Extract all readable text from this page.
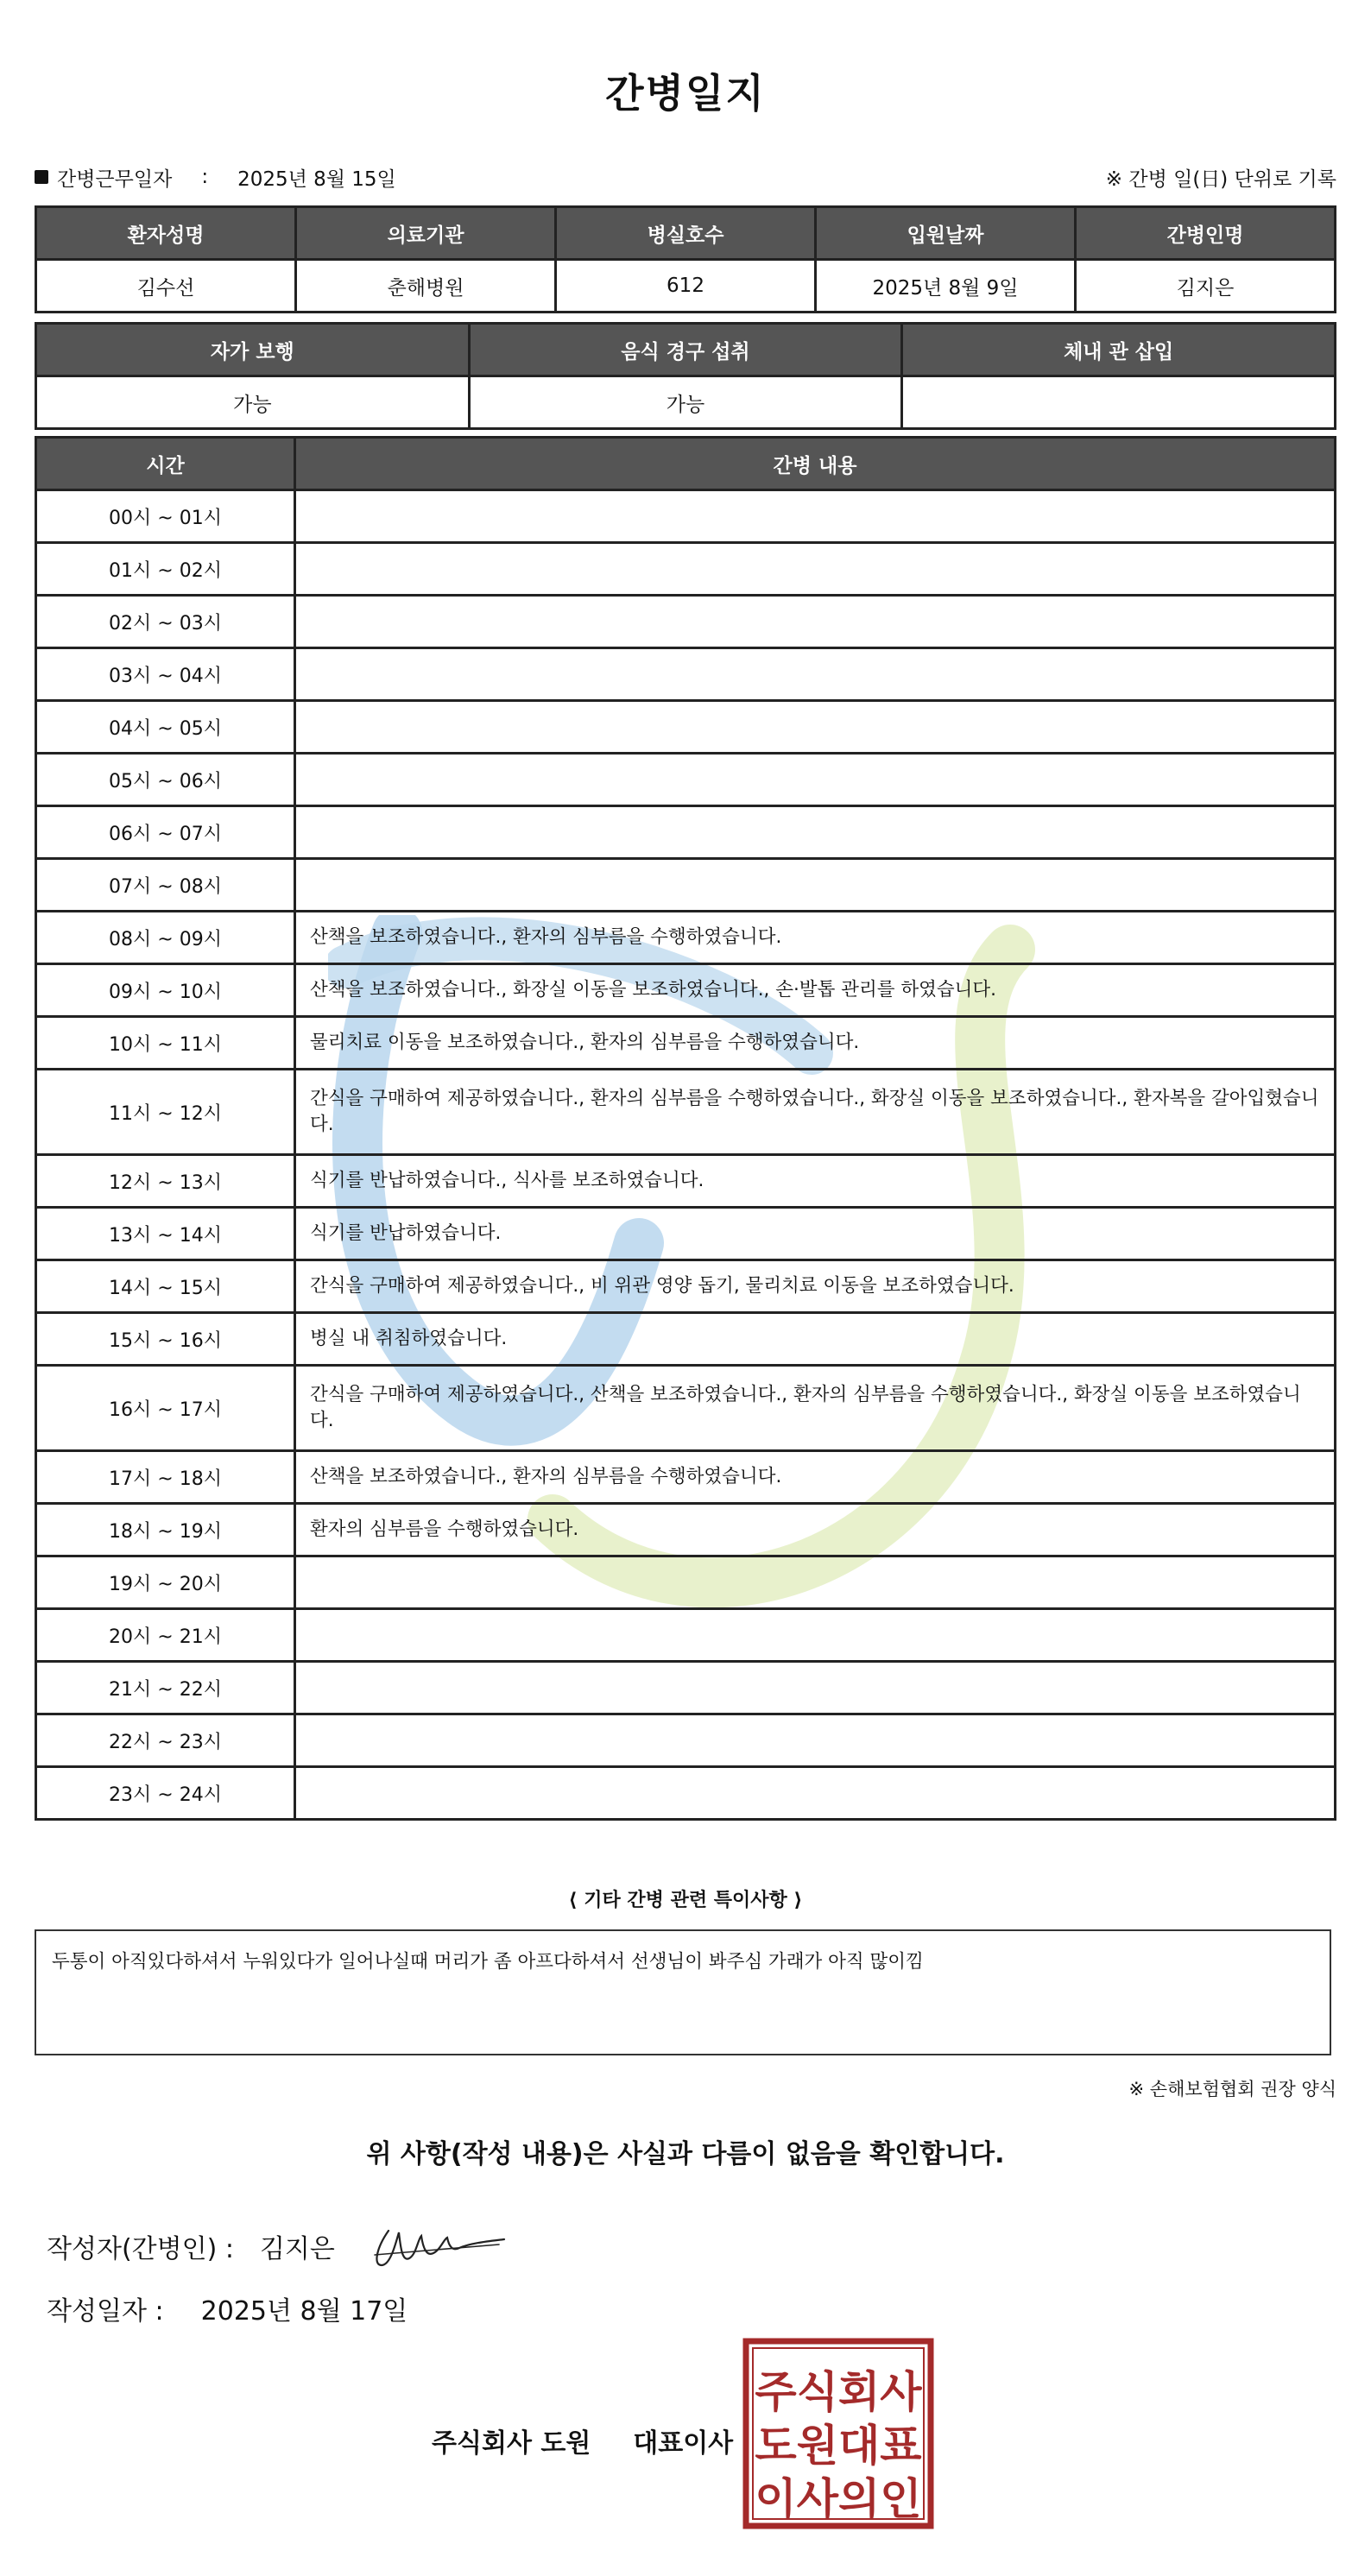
간병일지
간병근무일자 : 2025년 8월 15일	※ 간병 일(日) 단위로 기록
환자성명	의료기관	병실호수	입원날짜	간병인명
김수선	춘해병원	612	2025년 8월 9일	김지은
자가 보행	음식 경구 섭취	체내 관 삽입
가능	가능	
시간	간병 내용
00시 ~ 01시	
01시 ~ 02시	
02시 ~ 03시	
03시 ~ 04시	
04시 ~ 05시	
05시 ~ 06시	
06시 ~ 07시	
07시 ~ 08시	
08시 ~ 09시	산책을 보조하였습니다., 환자의 심부름을 수행하였습니다.
09시 ~ 10시	산책을 보조하였습니다., 화장실 이동을 보조하였습니다., 손·발톱 관리를 하였습니다.
10시 ~ 11시	물리치료 이동을 보조하였습니다., 환자의 심부름을 수행하였습니다.
11시 ~ 12시	간식을 구매하여 제공하였습니다., 환자의 심부름을 수행하였습니다., 화장실 이동을 보조하였습니다., 환자복을 갈아입혔습니다.
12시 ~ 13시	식기를 반납하였습니다., 식사를 보조하였습니다.
13시 ~ 14시	식기를 반납하였습니다.
14시 ~ 15시	간식을 구매하여 제공하였습니다., 비 위관 영양 돕기, 물리치료 이동을 보조하였습니다.
15시 ~ 16시	병실 내 취침하였습니다.
16시 ~ 17시	간식을 구매하여 제공하였습니다., 산책을 보조하였습니다., 환자의 심부름을 수행하였습니다., 화장실 이동을 보조하였습니다.
17시 ~ 18시	산책을 보조하였습니다., 환자의 심부름을 수행하였습니다.
18시 ~ 19시	환자의 심부름을 수행하였습니다.
19시 ~ 20시	
20시 ~ 21시	
21시 ~ 22시	
22시 ~ 23시	
23시 ~ 24시	
⟨ 기타 간병 관련 특이사항 ⟩
두통이 아직있다하셔서 누워있다가 일어나실때 머리가 좀 아프다하셔서 선생님이 봐주심 가래가 아직 많이낌
※ 손해보험협회 권장 양식
위 사항(작성 내용)은 사실과 다름이 없음을 확인합니다.
작성자(간병인) : 김지은
작성일자 : 2025년 8월 17일
주식회사 도원 대표이사
주식회사
도원대표
이사의인
